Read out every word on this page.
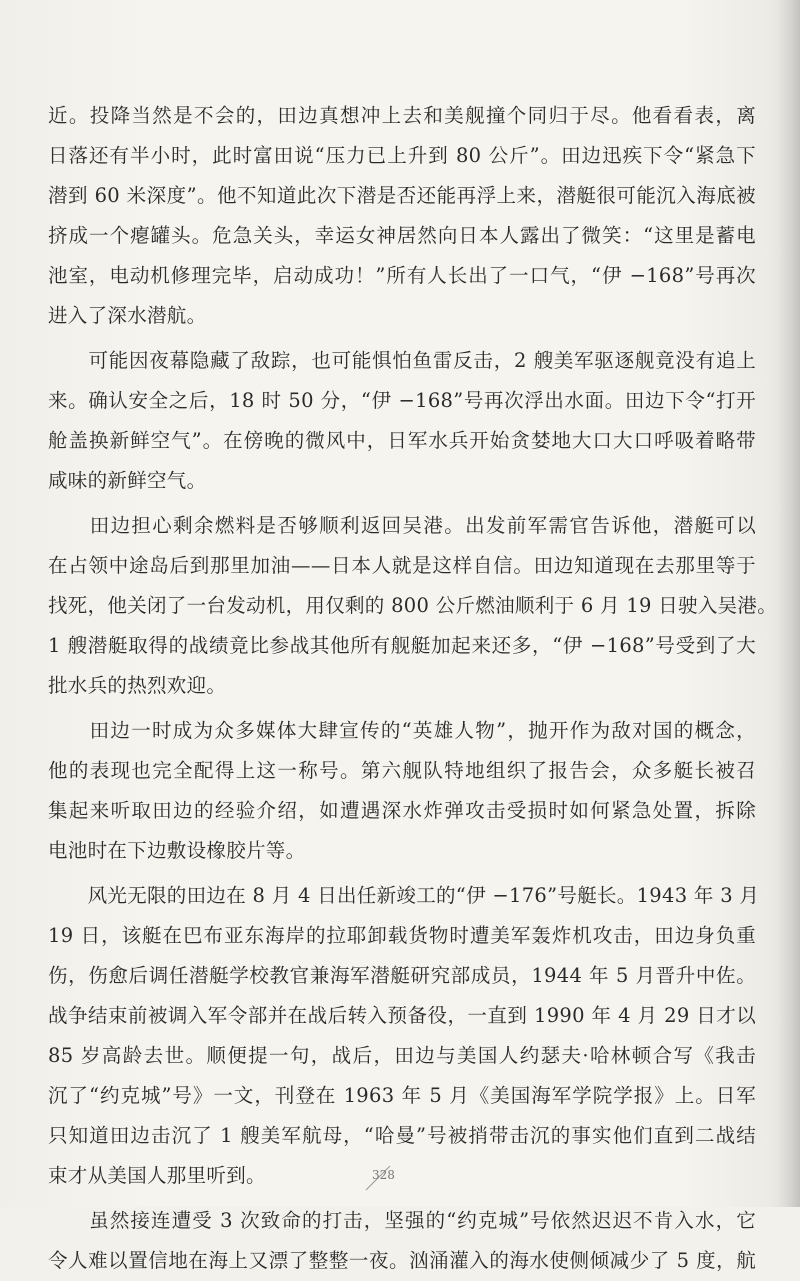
近。投降当然是不会的，田边真想冲上去和美舰撞个同归于尽。他看看表，离
日落还有半小时，此时富田说“压力已上升到 80 公斤”。田边迅疾下令“紧急下
潜到 60 米深度”。他不知道此次下潜是否还能再浮上来，潜艇很可能沉入海底被
挤成一个瘪罐头。危急关头，幸运女神居然向日本人露出了微笑：“这里是蓄电
池室，电动机修理完毕，启动成功！”所有人长出了一口气，“伊 −168”号再次
进入了深水潜航。
　　可能因夜幕隐藏了敌踪，也可能惧怕鱼雷反击，2 艘美军驱逐舰竟没有追上
来。确认安全之后，18 时 50 分，“伊 −168”号再次浮出水面。田边下令“打开
舱盖换新鲜空气”。在傍晚的微风中，日军水兵开始贪婪地大口大口呼吸着略带
咸味的新鲜空气。
　　田边担心剩余燃料是否够顺利返回吴港。出发前军需官告诉他，潜艇可以
在占领中途岛后到那里加油——日本人就是这样自信。田边知道现在去那里等于
找死，他关闭了一台发动机，用仅剩的 800 公斤燃油顺利于 6 月 19 日驶入吴港。
1 艘潜艇取得的战绩竟比参战其他所有舰艇加起来还多，“伊 −168”号受到了大
批水兵的热烈欢迎。
　　田边一时成为众多媒体大肆宣传的“英雄人物”，抛开作为敌对国的概念，
他的表现也完全配得上这一称号。第六舰队特地组织了报告会，众多艇长被召
集起来听取田边的经验介绍，如遭遇深水炸弹攻击受损时如何紧急处置，拆除
电池时在下边敷设橡胶片等。
　　风光无限的田边在 8 月 4 日出任新竣工的“伊 −176”号艇长。1943 年 3 月
19 日，该艇在巴布亚东海岸的拉耶卸载货物时遭美军轰炸机攻击，田边身负重
伤，伤愈后调任潜艇学校教官兼海军潜艇研究部成员，1944 年 5 月晋升中佐。
战争结束前被调入军令部并在战后转入预备役，一直到 1990 年 4 月 29 日才以
85 岁高龄去世。顺便提一句，战后，田边与美国人约瑟夫·哈林顿合写《我击
沉了“约克城”号》一文，刊登在 1963 年 5 月《美国海军学院学报》上。日军
只知道田边击沉了 1 艘美军航母，“哈曼”号被捎带击沉的事实他们直到二战结
束才从美国人那里听到。
　　虽然接连遭受 3 次致命的打击，坚强的“约克城”号依然迟迟不肯入水，它
令人难以置信地在海上又漂了整整一夜。汹涌灌入的海水使侧倾减少了 5 度，航
328
